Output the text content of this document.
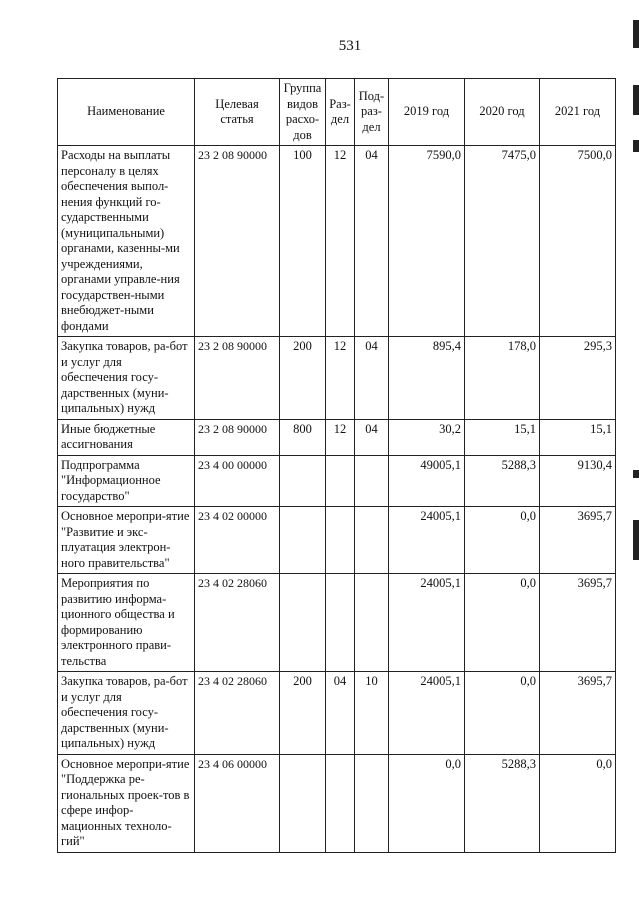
531
Наименование	Целевая статья	Группа видов расхо-дов	Раз-дел	Под-раз-дел	2019 год	2020 год	2021 год
Расходы на выплаты персоналу в целях обеспечения выпол-нения функций го-сударственными (муниципальными) органами, казенны-ми учреждениями, органами управле-ния государствен-ными внебюджет-ными фондами	23 2 08 90000	100	12	04	7590,0	7475,0	7500,0
Закупка товаров, ра-бот и услуг для обеспечения госу-дарственных (муни-ципальных) нужд	23 2 08 90000	200	12	04	895,4	178,0	295,3
Иные бюджетные ассигнования	23 2 08 90000	800	12	04	30,2	15,1	15,1
Подпрограмма "Информационное государство"	23 4 00 00000				49005,1	5288,3	9130,4
Основное меропри-ятие "Развитие и экс-плуатация электрон-ного правительства"	23 4 02 00000				24005,1	0,0	3695,7
Мероприятия по развитию информа-ционного общества и формированию электронного прави-тельства	23 4 02 28060				24005,1	0,0	3695,7
Закупка товаров, ра-бот и услуг для обеспечения госу-дарственных (муни-ципальных) нужд	23 4 02 28060	200	04	10	24005,1	0,0	3695,7
Основное меропри-ятие "Поддержка ре-гиональных проек-тов в сфере инфор-мационных техноло-гий"	23 4 06 00000				0,0	5288,3	0,0
